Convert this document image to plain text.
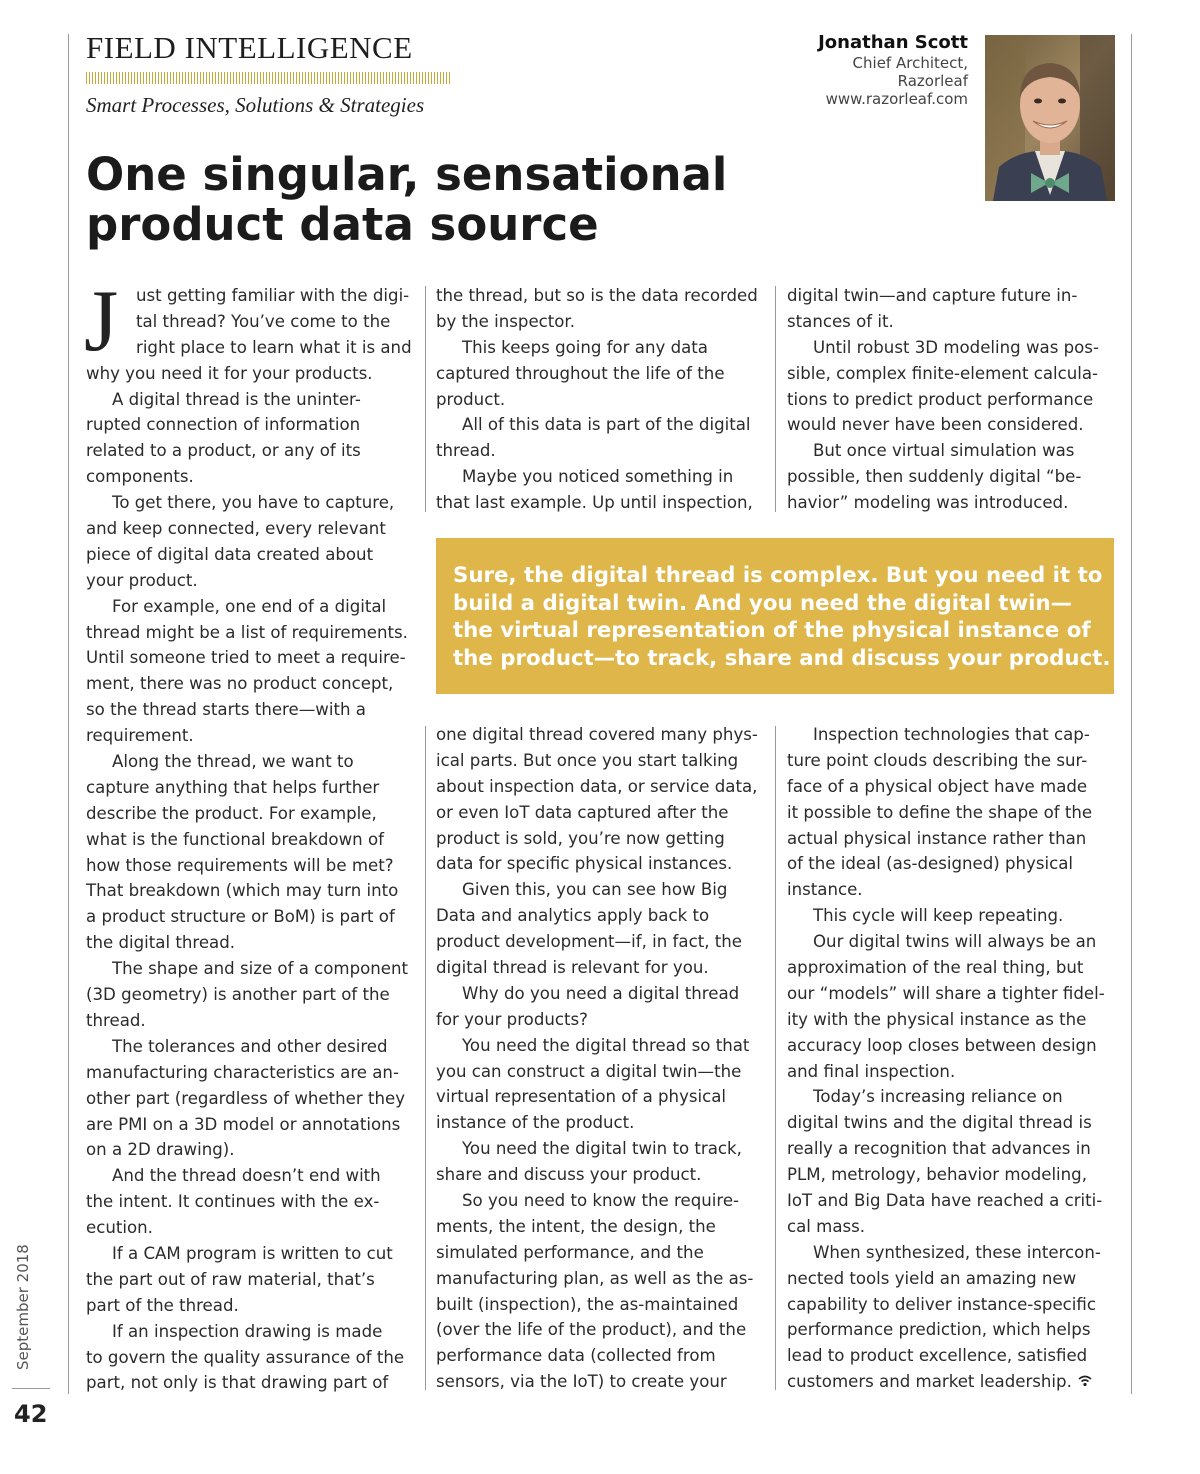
FIELD INTELLIGENCE
Smart Processes, Solutions & Strategies
Jonathan Scott
Chief Architect,
Razorleaf
www.razorleaf.com
One singular, sensational
product data source
J	ust getting familiar with the digi-
tal thread? You’ve come to the
right place to learn what it is and
why you need it for your products.
A digital thread is the uninter-
rupted connection of information
related to a product, or any of its
components.
To get there, you have to capture,
and keep connected, every relevant
piece of digital data created about
your product.
For example, one end of a digital
thread might be a list of requirements.
Until someone tried to meet a require-
ment, there was no product concept,
so the thread starts there—with a
requirement.
Along the thread, we want to
capture anything that helps further
describe the product. For example,
what is the functional breakdown of
how those requirements will be met?
That breakdown (which may turn into
a product structure or BoM) is part of
the digital thread.
The shape and size of a component
(3D geometry) is another part of the
thread.
The tolerances and other desired
manufacturing characteristics are an-
other part (regardless of whether they
are PMI on a 3D model or annotations
on a 2D drawing).
And the thread doesn’t end with
the intent. It continues with the ex-
ecution.
If a CAM program is written to cut
the part out of raw material, that’s
part of the thread.
If an inspection drawing is made
to govern the quality assurance of the
part, not only is that drawing part of
the thread, but so is the data recorded
by the inspector.
This keeps going for any data
captured throughout the life of the
product.
All of this data is part of the digital
thread.
Maybe you noticed something in
that last example. Up until inspection,
digital twin—and capture future in-
stances of it.
Until robust 3D modeling was pos-
sible, complex finite-element calcula-
tions to predict product performance
would never have been considered.
But once virtual simulation was
possible, then suddenly digital “be-
havior” modeling was introduced.
Sure, the digital thread is complex. But you need it to
build a digital twin. And you need the digital twin—
the virtual representation of the physical instance of
the product—to track, share and discuss your product.
one digital thread covered many phys-
ical parts. But once you start talking
about inspection data, or service data,
or even IoT data captured after the
product is sold, you’re now getting
data for specific physical instances.
Given this, you can see how Big
Data and analytics apply back to
product development—if, in fact, the
digital thread is relevant for you.
Why do you need a digital thread
for your products?
You need the digital thread so that
you can construct a digital twin—the
virtual representation of a physical
instance of the product.
You need the digital twin to track,
share and discuss your product.
So you need to know the require-
ments, the intent, the design, the
simulated performance, and the
manufacturing plan, as well as the as-
built (inspection), the as-maintained
(over the life of the product), and the
performance data (collected from
sensors, via the IoT) to create your
Inspection technologies that cap-
ture point clouds describing the sur-
face of a physical object have made
it possible to define the shape of the
actual physical instance rather than
of the ideal (as-designed) physical
instance.
This cycle will keep repeating.
Our digital twins will always be an
approximation of the real thing, but
our “models” will share a tighter fidel-
ity with the physical instance as the
accuracy loop closes between design
and final inspection.
Today’s increasing reliance on
digital twins and the digital thread is
really a recognition that advances in
PLM, metrology, behavior modeling,
IoT and Big Data have reached a criti-
cal mass.
When synthesized, these intercon-
nected tools yield an amazing new
capability to deliver instance-specific
performance prediction, which helps
lead to product excellence, satisfied
customers and market leadership.
September 2018
42
